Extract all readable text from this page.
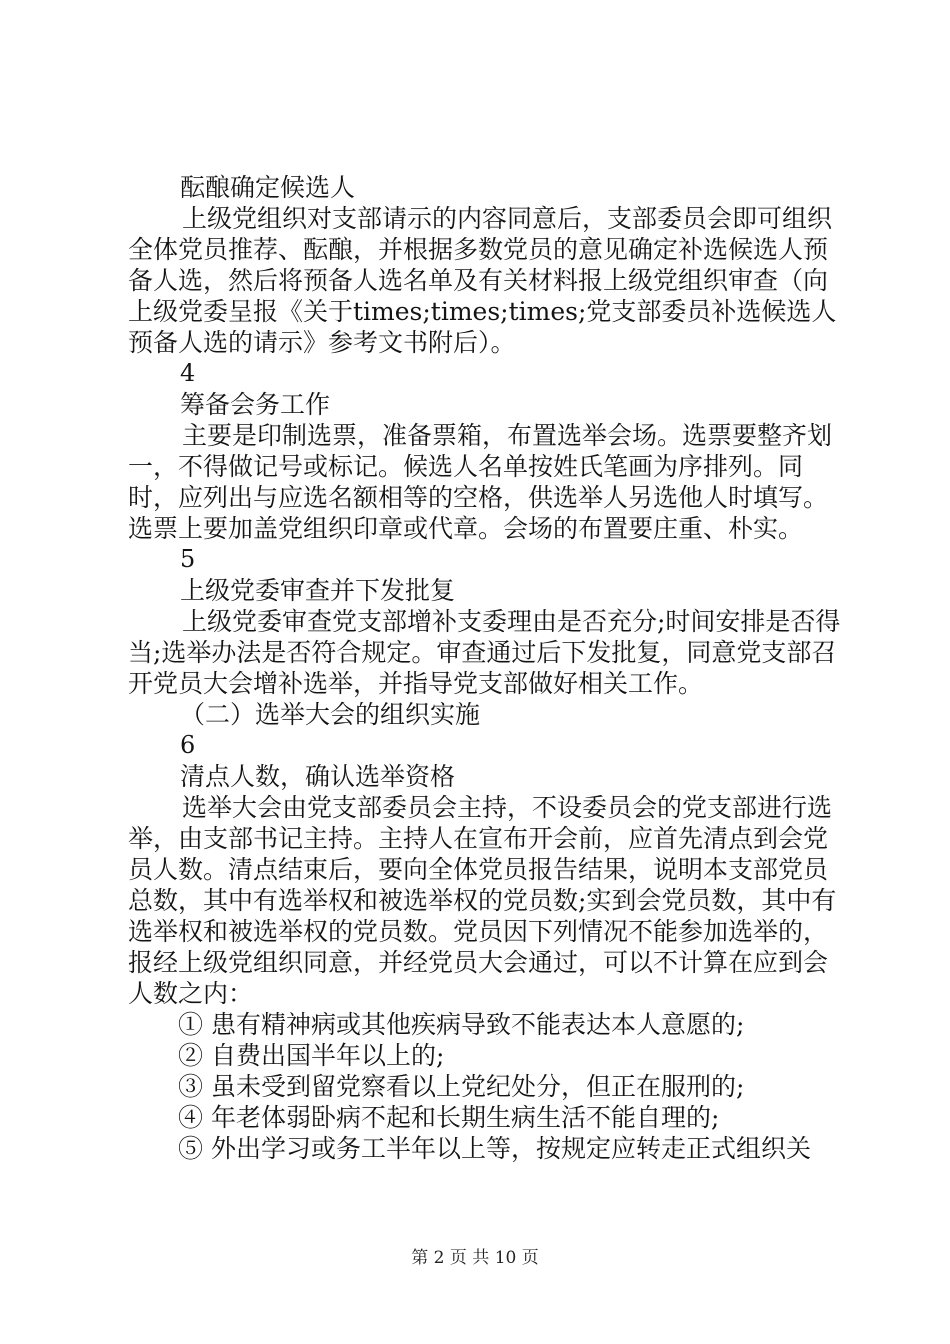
酝酿确定候选人

上级党组织对支部请示的内容同意后，支部委员会即可组织全体党员推荐、酝酿，并根据多数党员的意见确定补选候选人预备人选，然后将预备人选名单及有关材料报上级党组织审查（向上级党委呈报《关于times;times;times;党支部委员补选候选人预备人选的请示》参考文书附后）。

4

筹备会务工作

主要是印制选票，准备票箱，布置选举会场。选票要整齐划一，不得做记号或标记。候选人名单按姓氏笔画为序排列。同时，应列出与应选名额相等的空格，供选举人另选他人时填写。选票上要加盖党组织印章或代章。会场的布置要庄重、朴实。

5

上级党委审查并下发批复

上级党委审查党支部增补支委理由是否充分;时间安排是否得当;选举办法是否符合规定。审查通过后下发批复，同意党支部召开党员大会增补选举，并指导党支部做好相关工作。

（二）选举大会的组织实施

6

清点人数，确认选举资格

选举大会由党支部委员会主持，不设委员会的党支部进行选举，由支部书记主持。主持人在宣布开会前，应首先清点到会党员人数。清点结束后，要向全体党员报告结果，说明本支部党员总数，其中有选举权和被选举权的党员数;实到会党员数，其中有选举权和被选举权的党员数。党员因下列情况不能参加选举的，报经上级党组织同意，并经党员大会通过，可以不计算在应到会人数之内：

① 患有精神病或其他疾病导致不能表达本人意愿的;

② 自费出国半年以上的;

③ 虽未受到留党察看以上党纪处分，但正在服刑的;

④ 年老体弱卧病不起和长期生病生活不能自理的;

⑤ 外出学习或务工半年以上等，按规定应转走正式组织关

第 2 页 共 10 页
